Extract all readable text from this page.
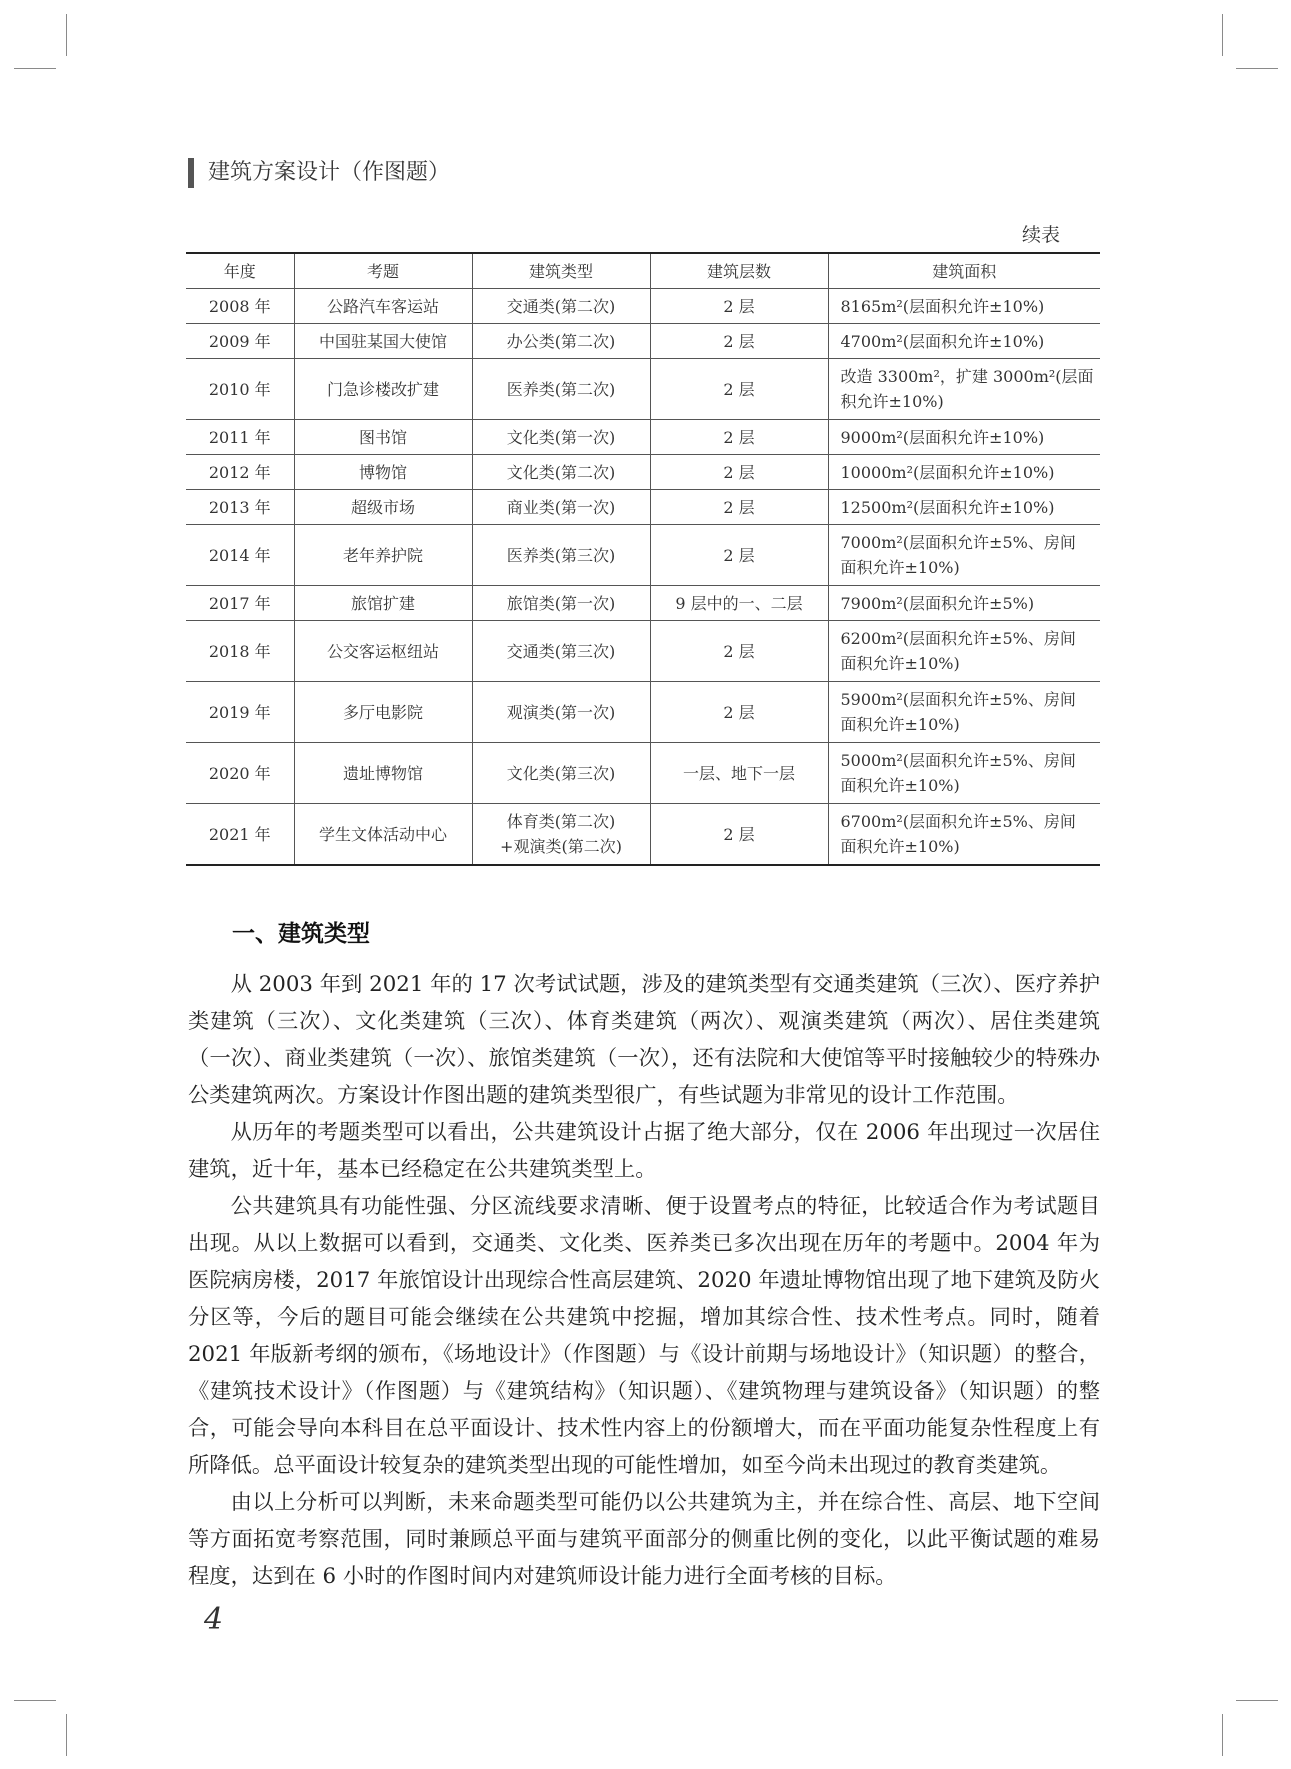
建筑方案设计（作图题）
续表
年度	考题	建筑类型	建筑层数	建筑面积
2008 年	公路汽车客运站	交通类(第二次)	2 层	8165m²(层面积允许±10%)
2009 年	中国驻某国大使馆	办公类(第二次)	2 层	4700m²(层面积允许±10%)
2010 年	门急诊楼改扩建	医养类(第二次)	2 层	改造 3300m²，扩建 3000m²(层面
积允许±10%)
2011 年	图书馆	文化类(第一次)	2 层	9000m²(层面积允许±10%)
2012 年	博物馆	文化类(第二次)	2 层	10000m²(层面积允许±10%)
2013 年	超级市场	商业类(第一次)	2 层	12500m²(层面积允许±10%)
2014 年	老年养护院	医养类(第三次)	2 层	7000m²(层面积允许±5%、房间
面积允许±10%)
2017 年	旅馆扩建	旅馆类(第一次)	9 层中的一、二层	7900m²(层面积允许±5%)
2018 年	公交客运枢纽站	交通类(第三次)	2 层	6200m²(层面积允许±5%、房间
面积允许±10%)
2019 年	多厅电影院	观演类(第一次)	2 层	5900m²(层面积允许±5%、房间
面积允许±10%)
2020 年	遗址博物馆	文化类(第三次)	一层、地下一层	5000m²(层面积允许±5%、房间
面积允许±10%)
2021 年	学生文体活动中心	体育类(第二次)
+观演类(第二次)	2 层	6700m²(层面积允许±5%、房间
面积允许±10%)
一、建筑类型

从 2003 年到 2021 年的 17 次考试试题，涉及的建筑类型有交通类建筑（三次）、医疗养护类建筑（三次）、文化类建筑（三次）、体育类建筑（两次）、观演类建筑（两次）、居住类建筑（一次）、商业类建筑（一次）、旅馆类建筑（一次），还有法院和大使馆等平时接触较少的特殊办公类建筑两次。方案设计作图出题的建筑类型很广，有些试题为非常见的设计工作范围。

从历年的考题类型可以看出，公共建筑设计占据了绝大部分，仅在 2006 年出现过一次居住建筑，近十年，基本已经稳定在公共建筑类型上。

公共建筑具有功能性强、分区流线要求清晰、便于设置考点的特征，比较适合作为考试题目出现。从以上数据可以看到，交通类、文化类、医养类已多次出现在历年的考题中。2004 年为医院病房楼，2017 年旅馆设计出现综合性高层建筑、2020 年遗址博物馆出现了地下建筑及防火分区等，今后的题目可能会继续在公共建筑中挖掘，增加其综合性、技术性考点。同时，随着 2021 年版新考纲的颁布，《场地设计》（作图题）与《设计前期与场地设计》（知识题）的整合，《建筑技术设计》（作图题）与《建筑结构》（知识题）、《建筑物理与建筑设备》（知识题）的整合，可能会导向本科目在总平面设计、技术性内容上的份额增大，而在平面功能复杂性程度上有所降低。总平面设计较复杂的建筑类型出现的可能性增加，如至今尚未出现过的教育类建筑。

由以上分析可以判断，未来命题类型可能仍以公共建筑为主，并在综合性、高层、地下空间等方面拓宽考察范围，同时兼顾总平面与建筑平面部分的侧重比例的变化，以此平衡试题的难易程度，达到在 6 小时的作图时间内对建筑师设计能力进行全面考核的目标。

4
